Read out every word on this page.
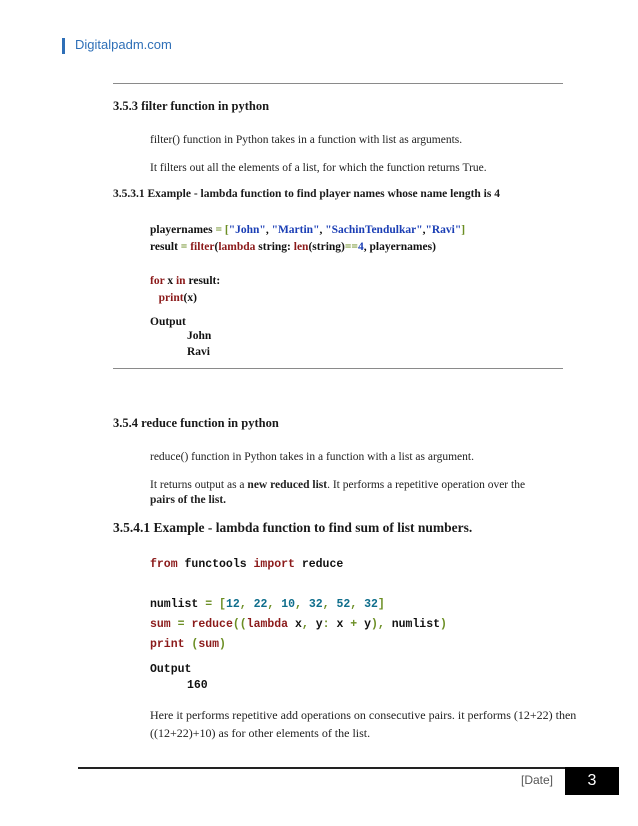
Digitalpadm.com
3.5.3 filter function in python
filter() function in Python takes in a function with list as arguments.
It filters out all the elements of a list, for which the function returns True.
3.5.3.1 Example - lambda function to find player names whose name length is 4
playernames = ["John", "Martin", "SachinTendulkar","Ravi"]
result = filter(lambda string: len(string)==4, playernames)

for x in result:
print(x)
Output
John
Ravi
3.5.4 reduce function in python
reduce() function in Python takes in a function with a list as argument.
It returns output as a new reduced list. It performs a repetitive operation over the
pairs of the list.
3.5.4.1 Example - lambda function to find sum of list numbers.
from functools import reduce

numlist = [12, 22, 10, 32, 52, 32]
sum = reduce((lambda x, y: x + y), numlist)
print (sum)
Output
160
Here it performs repetitive add operations on consecutive pairs. it performs (12+22) then
((12+22)+10) as for other elements of the list.
[Date]	3
